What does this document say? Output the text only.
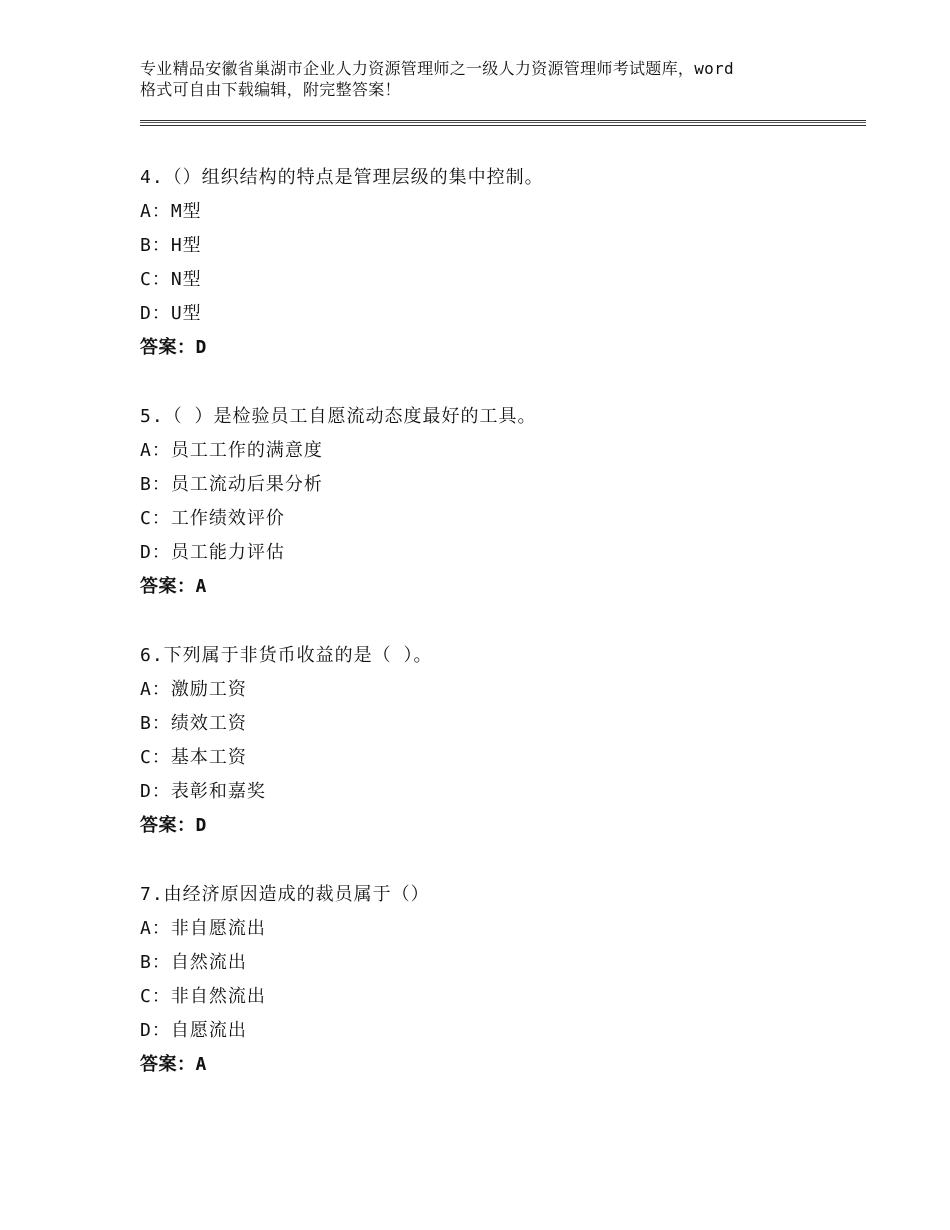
专业精品安徽省巢湖市企业人力资源管理师之一级人力资源管理师考试题库，word
格式可自由下载编辑，附完整答案！
4.（）组织结构的特点是管理层级的集中控制。
A：M型
B：H型
C：N型
D：U型
答案：D
5.（ ）是检验员工自愿流动态度最好的工具。
A：员工工作的满意度
B：员工流动后果分析
C：工作绩效评价
D：员工能力评估
答案：A
6.下列属于非货币收益的是（ ）。
A：激励工资
B：绩效工资
C：基本工资
D：表彰和嘉奖
答案：D
7.由经济原因造成的裁员属于（）
A：非自愿流出
B：自然流出
C：非自然流出
D：自愿流出
答案：A
